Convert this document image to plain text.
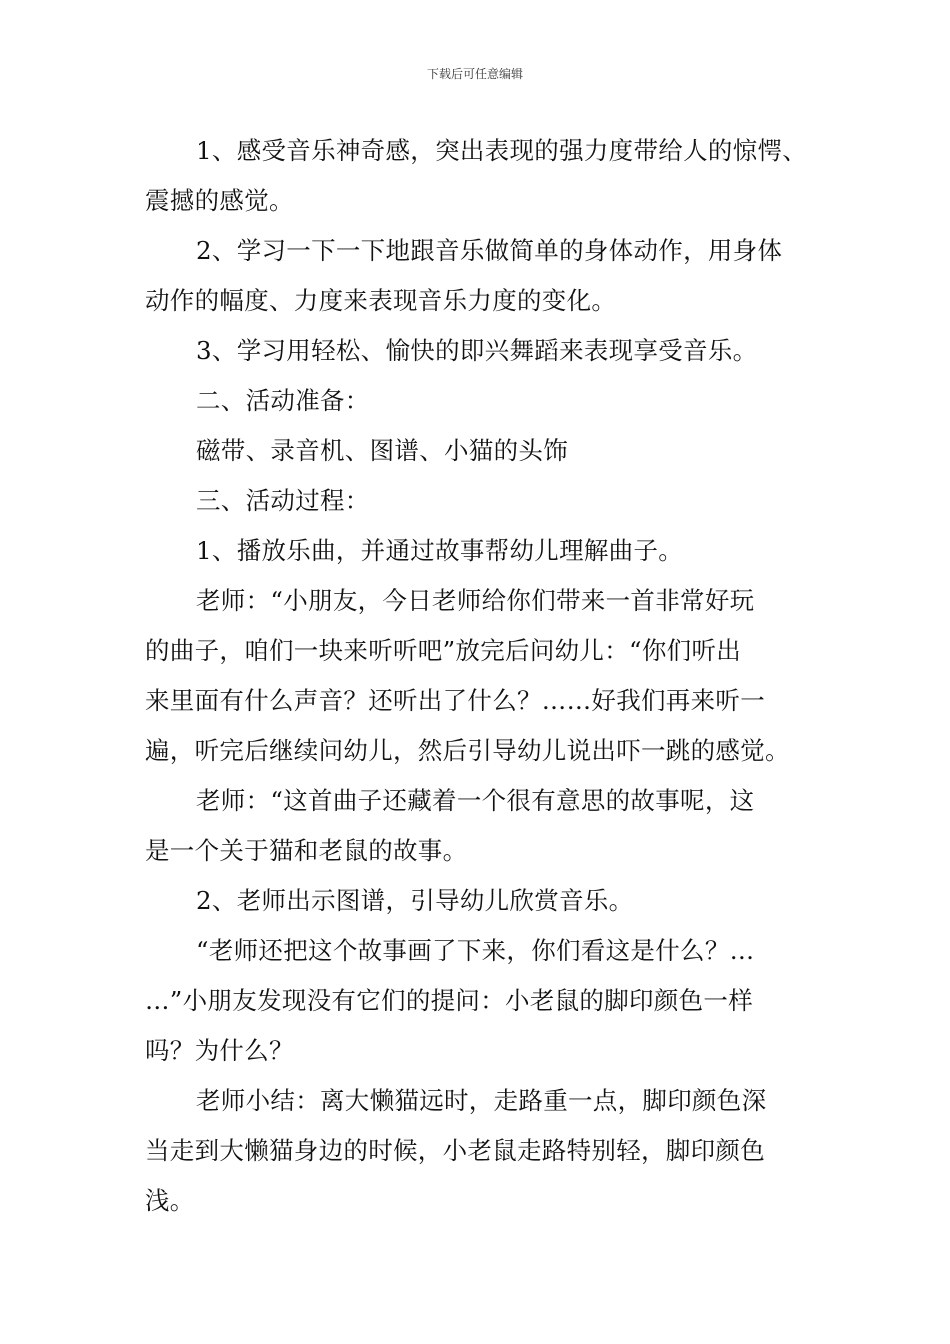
下载后可任意编辑
1、感受音乐神奇感，突出表现的强力度带给人的惊愕、
震撼的感觉。
2、学习一下一下地跟音乐做简单的身体动作，用身体
动作的幅度、力度来表现音乐力度的变化。
3、学习用轻松、愉快的即兴舞蹈来表现享受音乐。
二、活动准备：
磁带、录音机、图谱、小猫的头饰
三、活动过程：
1、播放乐曲，并通过故事帮幼儿理解曲子。
老师：“小朋友，今日老师给你们带来一首非常好玩
的曲子，咱们一块来听听吧”放完后问幼儿：“你们听出
来里面有什么声音？还听出了什么？……好我们再来听一
遍，听完后继续问幼儿，然后引导幼儿说出吓一跳的感觉。
老师：“这首曲子还藏着一个很有意思的故事呢，这
是一个关于猫和老鼠的故事。
2、老师出示图谱，引导幼儿欣赏音乐。
“老师还把这个故事画了下来，你们看这是什么？…
…”小朋友发现没有它们的提问：小老鼠的脚印颜色一样
吗？为什么？
老师小结：离大懒猫远时，走路重一点，脚印颜色深
当走到大懒猫身边的时候，小老鼠走路特别轻，脚印颜色
浅。
